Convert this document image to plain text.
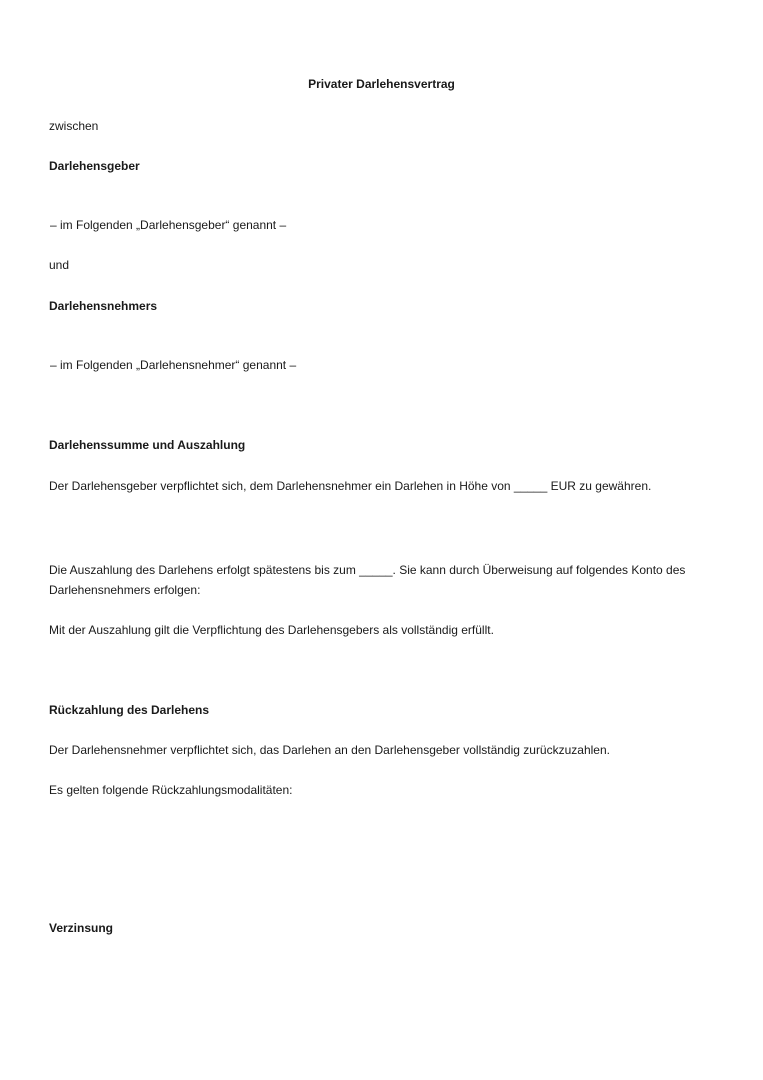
Privater Darlehensvertrag
zwischen
Darlehensgeber
– im Folgenden „Darlehensgeber“ genannt –
und
Darlehensnehmers
– im Folgenden „Darlehensnehmer“ genannt –
Darlehenssumme und Auszahlung
Der Darlehensgeber verpflichtet sich, dem Darlehensnehmer ein Darlehen in Höhe von _____ EUR zu gewähren.
Die Auszahlung des Darlehens erfolgt spätestens bis zum _____. Sie kann durch Überweisung auf folgendes Konto des Darlehensnehmers erfolgen:
Mit der Auszahlung gilt die Verpflichtung des Darlehensgebers als vollständig erfüllt.
Rückzahlung des Darlehens
Der Darlehensnehmer verpflichtet sich, das Darlehen an den Darlehensgeber vollständig zurückzuzahlen.
Es gelten folgende Rückzahlungsmodalitäten:
Verzinsung
